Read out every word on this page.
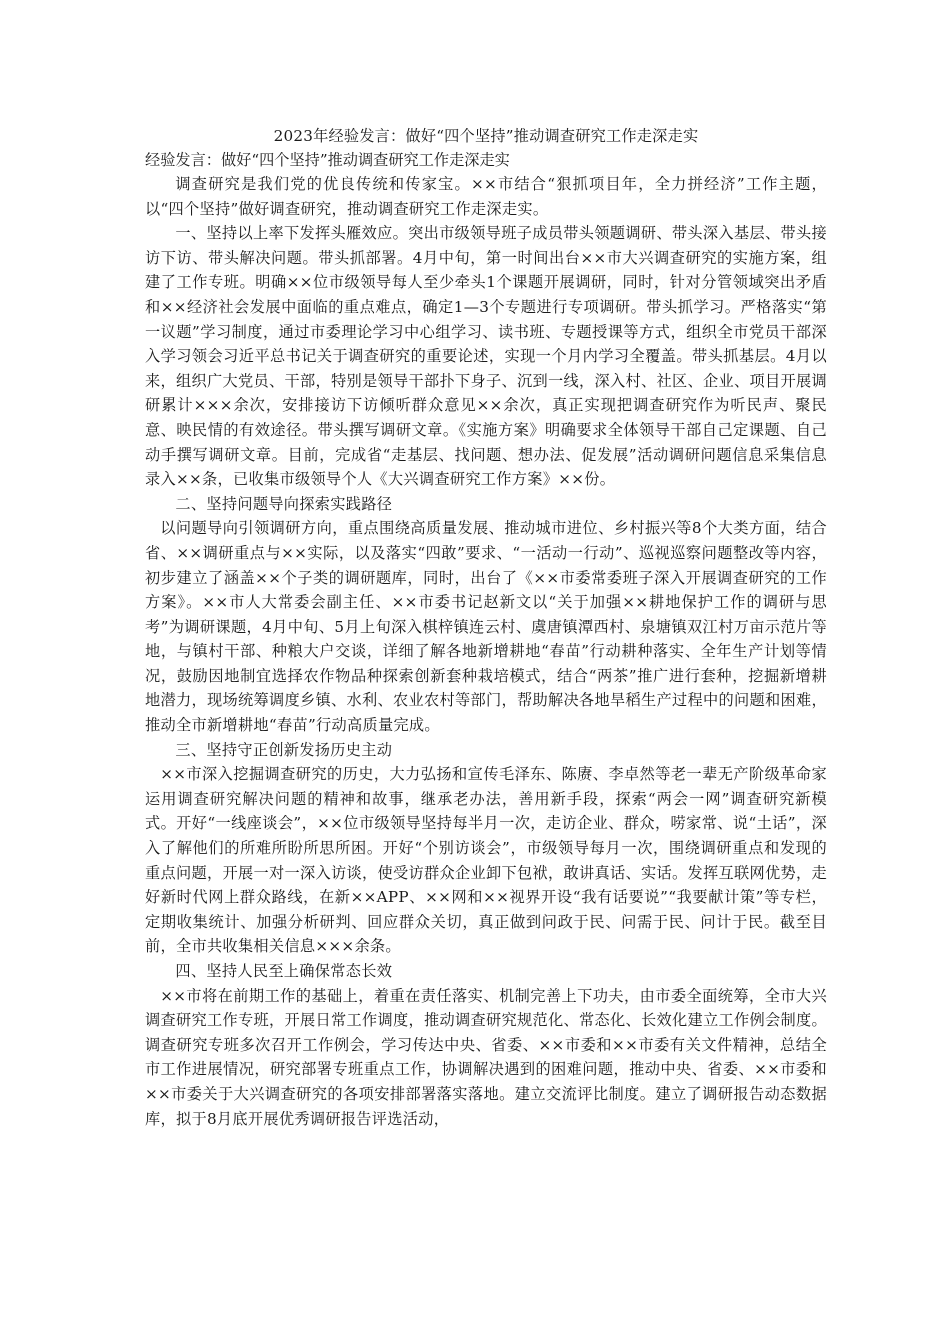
2023年经验发言：做好“四个坚持”推动调查研究工作走深走实
经验发言：做好“四个坚持”推动调查研究工作走深走实

调查研究是我们党的优良传统和传家宝。××市结合“狠抓项目年，全力拼经济”工作主题，以“四个坚持”做好调查研究，推动调查研究工作走深走实。

一、坚持以上率下发挥头雁效应。突出市级领导班子成员带头领题调研、带头深入基层、带头接访下访、带头解决问题。带头抓部署。4月中旬，第一时间出台××市大兴调查研究的实施方案，组建了工作专班。明确××位市级领导每人至少牵头1个课题开展调研，同时，针对分管领域突出矛盾和××经济社会发展中面临的重点难点，确定1—3个专题进行专项调研。带头抓学习。严格落实“第一议题”学习制度，通过市委理论学习中心组学习、读书班、专题授课等方式，组织全市党员干部深入学习领会习近平总书记关于调查研究的重要论述，实现一个月内学习全覆盖。带头抓基层。4月以来，组织广大党员、干部，特别是领导干部扑下身子、沉到一线，深入村、社区、企业、项目开展调研累计×××余次，安排接访下访倾听群众意见××余次，真正实现把调查研究作为听民声、聚民意、映民情的有效途径。带头撰写调研文章。《实施方案》明确要求全体领导干部自己定课题、自己动手撰写调研文章。目前，完成省“走基层、找问题、想办法、促发展”活动调研问题信息采集信息录入××条，已收集市级领导个人《大兴调查研究工作方案》××份。

二、坚持问题导向探索实践路径

以问题导向引领调研方向，重点围绕高质量发展、推动城市进位、乡村振兴等8个大类方面，结合省、××调研重点与××实际，以及落实“四敢”要求、“一活动一行动”、巡视巡察问题整改等内容，初步建立了涵盖××个子类的调研题库，同时，出台了《××市委常委班子深入开展调查研究的工作方案》。××市人大常委会副主任、××市委书记赵新文以“关于加强××耕地保护工作的调研与思考”为调研课题，4月中旬、5月上旬深入棋梓镇连云村、虞唐镇潭西村、泉塘镇双江村万亩示范片等地，与镇村干部、种粮大户交谈，详细了解各地新增耕地“春苗”行动耕种落实、全年生产计划等情况，鼓励因地制宜选择农作物品种探索创新套种栽培模式，结合“两茶”推广进行套种，挖掘新增耕地潜力，现场统筹调度乡镇、水利、农业农村等部门，帮助解决各地旱稻生产过程中的问题和困难，推动全市新增耕地“春苗”行动高质量完成。

三、坚持守正创新发扬历史主动

××市深入挖掘调查研究的历史，大力弘扬和宣传毛泽东、陈赓、李卓然等老一辈无产阶级革命家运用调查研究解决问题的精神和故事，继承老办法，善用新手段，探索“两会一网”调查研究新模式。开好“一线座谈会”，××位市级领导坚持每半月一次，走访企业、群众，唠家常、说“土话”，深入了解他们的所难所盼所思所困。开好“个别访谈会”，市级领导每月一次，围绕调研重点和发现的重点问题，开展一对一深入访谈，使受访群众企业卸下包袱，敢讲真话、实话。发挥互联网优势，走好新时代网上群众路线，在新××APP、××网和××视界开设“我有话要说”“我要献计策”等专栏，定期收集统计、加强分析研判、回应群众关切，真正做到问政于民、问需于民、问计于民。截至目前，全市共收集相关信息×××余条。

四、坚持人民至上确保常态长效

××市将在前期工作的基础上，着重在责任落实、机制完善上下功夫，由市委全面统筹，全市大兴调查研究工作专班，开展日常工作调度，推动调查研究规范化、常态化、长效化建立工作例会制度。调查研究专班多次召开工作例会，学习传达中央、省委、××市委和××市委有关文件精神，总结全市工作进展情况，研究部署专班重点工作，协调解决遇到的困难问题，推动中央、省委、××市委和××市委关于大兴调查研究的各项安排部署落实落地。建立交流评比制度。建立了调研报告动态数据库，拟于8月底开展优秀调研报告评选活动，
